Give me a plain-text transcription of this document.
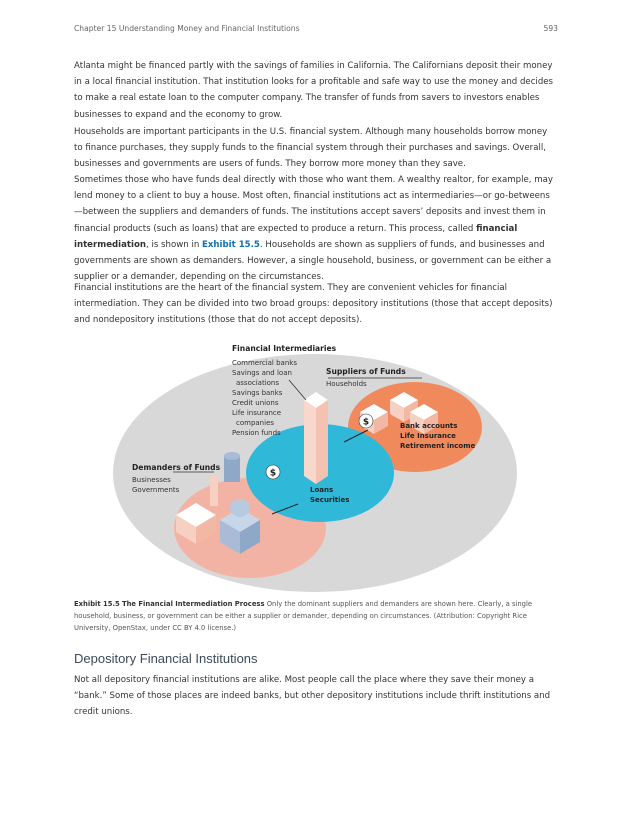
Chapter 15 Understanding Money and Financial Institutions	593

Atlanta might be financed partly with the savings of families in California. The Californians deposit their money in a local financial institution. That institution looks for a profitable and safe way to use the money and decides to make a real estate loan to the computer company. The transfer of funds from savers to investors enables businesses to expand and the economy to grow.

Households are important participants in the U.S. financial system. Although many households borrow money to finance purchases, they supply funds to the financial system through their purchases and savings. Overall, businesses and governments are users of funds. They borrow more money than they save.

Sometimes those who have funds deal directly with those who want them. A wealthy realtor, for example, may lend money to a client to buy a house. Most often, financial institutions act as intermediaries—or go-betweens—between the suppliers and demanders of funds. The institutions accept savers’ deposits and invest them in financial products (such as loans) that are expected to produce a return. This process, called financial intermediation, is shown in Exhibit 15.5. Households are shown as suppliers of funds, and businesses and governments are shown as demanders. However, a single household, business, or government can be either a supplier or a demander, depending on the circumstances.

Financial institutions are the heart of the financial system. They are convenient vehicles for financial intermediation. They can be divided into two broad groups: depository institutions (those that accept deposits) and nondepository institutions (those that do not accept deposits).

$
$
Financial Intermediaries
Commercial banks
Savings and loan
associations
Savings banks
Credit unions
Life insurance
companies
Pension funds
Suppliers of Funds
Households
Bank accounts
Life Insurance
Retirement income
Demanders of Funds
Businesses
Governments	Loans
Securities
Exhibit 15.5 The Financial Intermediation Process Only the dominant suppliers and demanders are shown here. Clearly, a single household, business, or government can be either a supplier or demander, depending on circumstances. (Attribution: Copyright Rice University, OpenStax, under CC BY 4.0 license.)
Depository Financial Institutions

Not all depository financial institutions are alike. Most people call the place where they save their money a “bank.” Some of those places are indeed banks, but other depository institutions include thrift institutions and credit unions.
